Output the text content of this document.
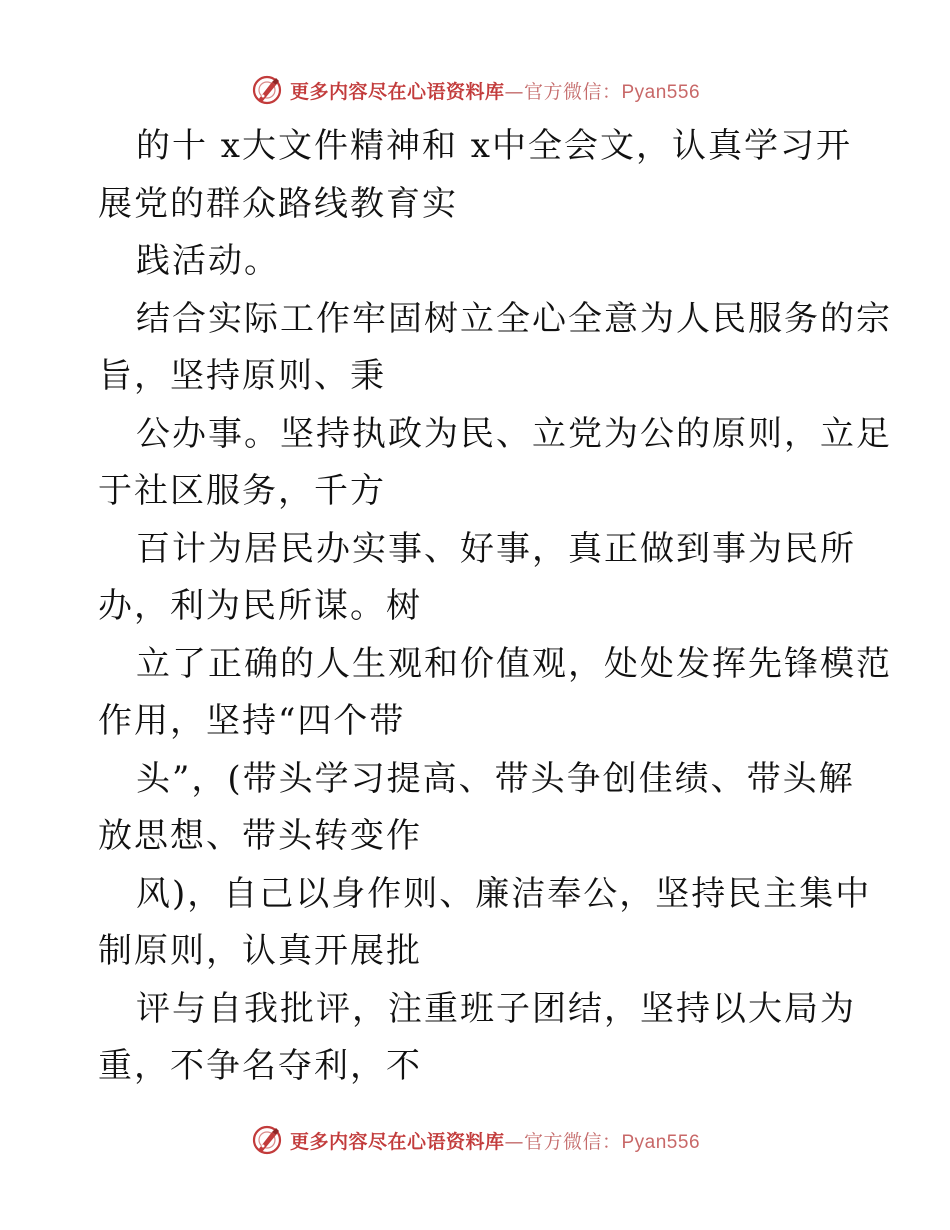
更多内容尽在心语资料库—官方微信：Pyan556
的十 x大文件精神和 x中全会文，认真学习开
展党的群众路线教育实
践活动。
结合实际工作牢固树立全心全意为人民服务的宗
旨，坚持原则、秉
公办事。坚持执政为民、立党为公的原则，立足
于社区服务，千方
百计为居民办实事、好事，真正做到事为民所
办，利为民所谋。树
立了正确的人生观和价值观，处处发挥先锋模范
作用，坚持“四个带
头”，(带头学习提高、带头争创佳绩、带头解
放思想、带头转变作
风)，自己以身作则、廉洁奉公，坚持民主集中
制原则，认真开展批
评与自我批评，注重班子团结，坚持以大局为
重，不争名夺利，不
更多内容尽在心语资料库—官方微信：Pyan556
